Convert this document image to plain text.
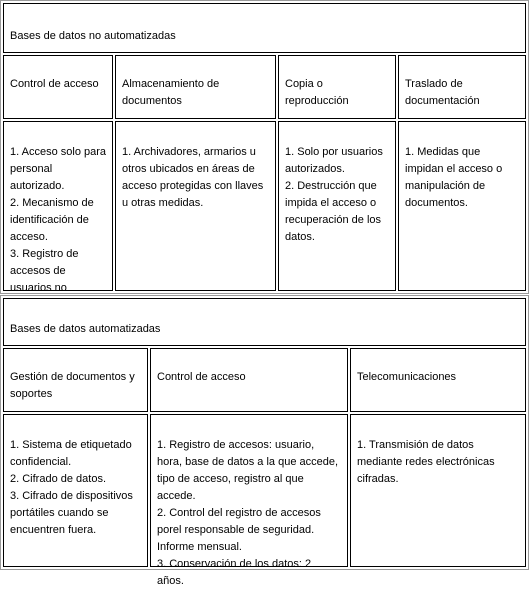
Bases de datos no automatizadas
Control de acceso	Almacenamiento de documentos
Copia o reproducción
Traslado de documentación
1. Acceso solo para personal autorizado.
2. Mecanismo de identificación de acceso.
3. Registro de accesos de usuarios no
1. Archivadores, armarios u otros ubicados en áreas de acceso protegidas con llaves u otras medidas.
1. Solo por usuarios autorizados.
2. Destrucción que impida el acceso o recuperación de los datos.
1. Medidas que impidan el acceso o manipulación de documentos.
Bases de datos automatizadas
Gestión de documentos y soportes
Control de acceso	Telecomunicaciones
1. Sistema de etiquetado confidencial.
2. Cifrado de datos.
3. Cifrado de dispositivos portátiles cuando se encuentren fuera.
1. Registro de accesos: usuario, hora, base de datos a la que accede, tipo de acceso, registro al que accede.
2. Control del registro de accesos porel responsable de seguridad. Informe mensual.
3. Conservación de los datos: 2 años.
1. Transmisión de datos mediante redes electrónicas cifradas.
